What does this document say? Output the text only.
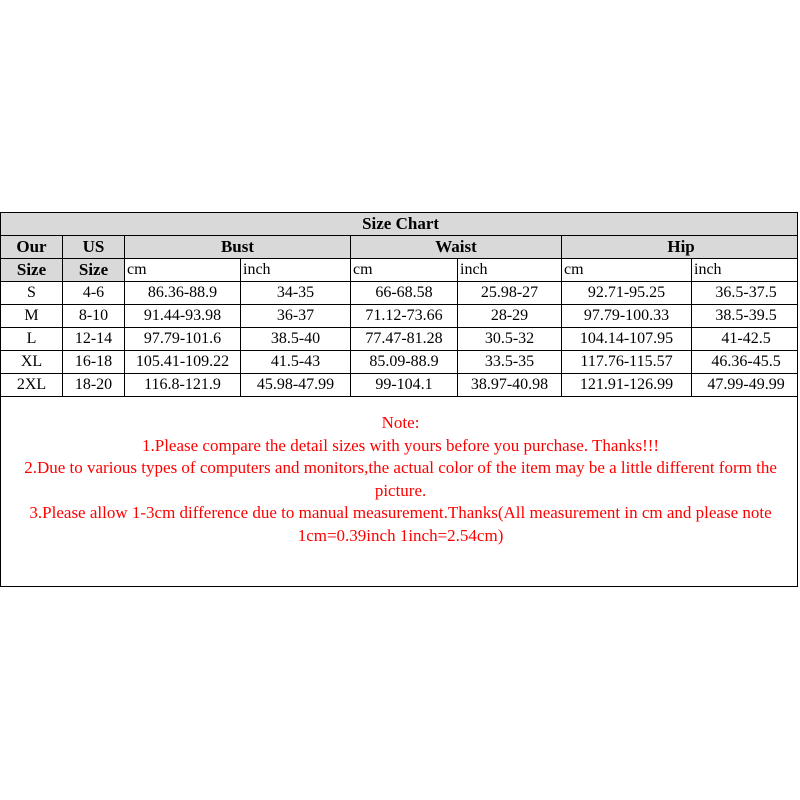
Size Chart							
Our	US	Bust		Waist		Hip	
Size	Size	cm	inch	cm	inch	cm	inch
S	4-6	86.36-88.9	34-35	66-68.58	25.98-27	92.71-95.25	36.5-37.5
M	8-10	91.44-93.98	36-37	71.12-73.66	28-29	97.79-100.33	38.5-39.5
L	12-14	97.79-101.6	38.5-40	77.47-81.28	30.5-32	104.14-107.95	41-42.5
XL	16-18	105.41-109.22	41.5-43	85.09-88.9	33.5-35	117.76-115.57	46.36-45.5
2XL	18-20	116.8-121.9	45.98-47.99	99-104.1	38.97-40.98	121.91-126.99	47.99-49.99

Note:
1.Please compare the detail sizes with yours before you purchase. Thanks!!!
2.Due to various types of computers and monitors,the actual color of the item may be a little different form the picture.
3.Please allow 1-3cm difference due to manual measurement.Thanks(All measurement in cm and please note 1cm=0.39inch 1inch=2.54cm)							
